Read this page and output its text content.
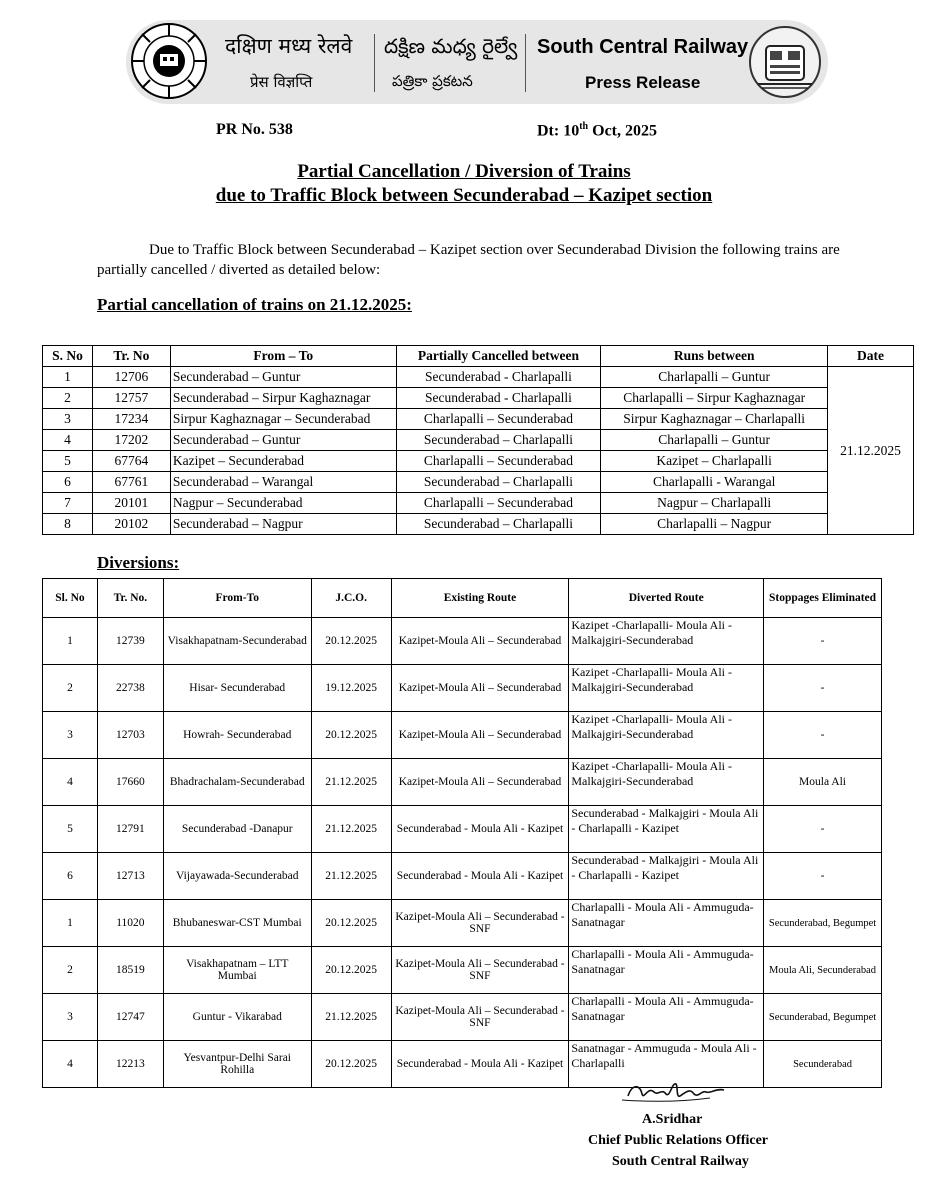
दक्षिण मध्य रेलवे
प्रेस विज्ञप्ति
దక్షిణ మధ్య రైల్వే
పత్రికా ప్రకటన
South Central Railway
Press Release
PR No. 538	Dt: 10th Oct, 2025
Partial Cancellation / Diversion of Trains
due to Traffic Block between Secunderabad – Kazipet section
Due to Traffic Block between Secunderabad – Kazipet section over Secunderabad Division the following trains are partially cancelled / diverted as detailed below:
Partial cancellation of trains on 21.12.2025:
S. No	Tr. No	From – To	Partially Cancelled between	Runs between	Date
1	12706	Secunderabad – Guntur	Secunderabad - Charlapalli	Charlapalli – Guntur	21.12.2025
2	12757	Secunderabad – Sirpur Kaghaznagar	Secunderabad - Charlapalli	Charlapalli – Sirpur Kaghaznagar	
3	17234	Sirpur Kaghaznagar – Secunderabad	Charlapalli – Secunderabad	Sirpur Kaghaznagar – Charlapalli	
4	17202	Secunderabad – Guntur	Secunderabad – Charlapalli	Charlapalli – Guntur	
5	67764	Kazipet – Secunderabad	Charlapalli – Secunderabad	Kazipet – Charlapalli	
6	67761	Secunderabad – Warangal	Secunderabad – Charlapalli	Charlapalli - Warangal	
7	20101	Nagpur – Secunderabad	Charlapalli – Secunderabad	Nagpur – Charlapalli	
8	20102	Secunderabad – Nagpur	Secunderabad – Charlapalli	Charlapalli – Nagpur	
Diversions:
Sl. No	Tr. No.	From-To	J.C.O.	Existing Route	Diverted Route	Stoppages Eliminated
1	12739	Visakhapatnam-Secunderabad	20.12.2025	Kazipet-Moula Ali – Secunderabad	Kazipet -Charlapalli- Moula Ali - Malkajgiri-Secunderabad	-
2	22738	Hisar- Secunderabad	19.12.2025	Kazipet-Moula Ali – Secunderabad	Kazipet -Charlapalli- Moula Ali - Malkajgiri-Secunderabad	-
3	12703	Howrah- Secunderabad	20.12.2025	Kazipet-Moula Ali – Secunderabad	Kazipet -Charlapalli- Moula Ali - Malkajgiri-Secunderabad	-
4	17660	Bhadrachalam-Secunderabad	21.12.2025	Kazipet-Moula Ali – Secunderabad	Kazipet -Charlapalli- Moula Ali - Malkajgiri-Secunderabad	Moula Ali
5	12791	Secunderabad -Danapur	21.12.2025	Secunderabad - Moula Ali - Kazipet	Secunderabad - Malkajgiri - Moula Ali - Charlapalli - Kazipet	-
6	12713	Vijayawada-Secunderabad	21.12.2025	Secunderabad - Moula Ali - Kazipet	Secunderabad - Malkajgiri - Moula Ali - Charlapalli - Kazipet	-
1	11020	Bhubaneswar-CST Mumbai	20.12.2025	Kazipet-Moula Ali – Secunderabad -SNF	Charlapalli - Moula Ali - Ammuguda- Sanatnagar	Secunderabad, Begumpet
2	18519	Visakhapatnam – LTT Mumbai	20.12.2025	Kazipet-Moula Ali – Secunderabad -SNF	Charlapalli - Moula Ali - Ammuguda- Sanatnagar	Moula Ali, Secunderabad
3	12747	Guntur - Vikarabad	21.12.2025	Kazipet-Moula Ali – Secunderabad -SNF	Charlapalli - Moula Ali - Ammuguda- Sanatnagar	Secunderabad, Begumpet
4	12213	Yesvantpur-Delhi Sarai Rohilla	20.12.2025	Secunderabad - Moula Ali - Kazipet	Sanatnagar - Ammuguda - Moula Ali - Charlapalli	Secunderabad
A.Sridhar
Chief Public Relations Officer
South Central Railway
